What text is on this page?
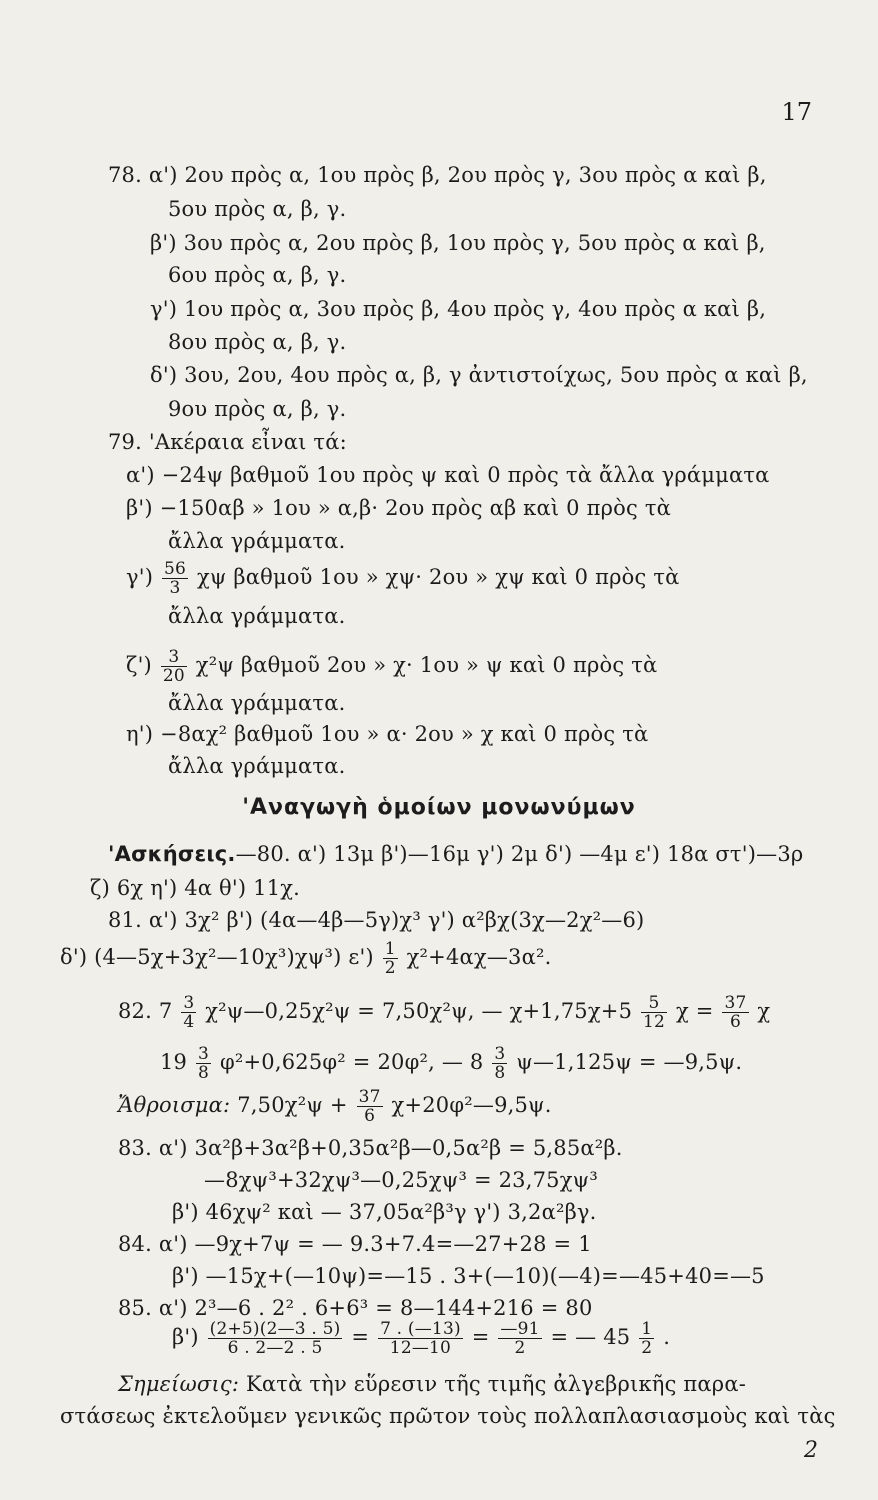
17
78. α') 2ου πρὸς α, 1ου πρὸς β, 2ου πρὸς γ, 3ου πρὸς α καὶ β,
5ου πρὸς α, β, γ.
β') 3ου πρὸς α, 2ου πρὸς β, 1ου πρὸς γ, 5ου πρὸς α καὶ β,
6ου πρὸς α, β, γ.
γ') 1ου πρὸς α, 3ου πρὸς β, 4ου πρὸς γ, 4ου πρὸς α καὶ β,
8ου πρὸς α, β, γ.
δ') 3ου, 2ου, 4ου πρὸς α, β, γ ἀντιστοίχως, 5ου πρὸς α καὶ β,
9ου πρὸς α, β, γ.
79. 'Ακέραια εἶναι τά:
α') −24ψ βαθμοῦ 1ου πρὸς ψ καὶ 0 πρὸς τὰ ἄλλα γράμματα
β') −150αβ » 1ου » α,β· 2ου πρὸς αβ καὶ 0 πρὸς τὰ
ἄλλα γράμματα.
$\gamma') \frac{56}{3}$ χψ βαθμοῦ 1ου » χψ· 2ου » χψ καὶ 0 πρὸς τὰ
ἄλλα γράμματα.
$\zeta') \frac{3}{20} \chi^2\psi$ βαθμοῦ 2ου » χ· 1ου » ψ καὶ 0 πρὸς τὰ
ἄλλα γράμματα.
η') −8αχ² βαθμοῦ 1ου » α· 2ου » χ καὶ 0 πρὸς τὰ
ἄλλα γράμματα.
'Αναγωγὴ ὁμοίων μονωνύμων
'Ασκήσεις.—80. α') 13μ β')—16μ γ') 2μ δ') —4μ ε') 18α στ')—3ρ
ζ) 6χ η') 4α θ') 11χ.
81. α') 3χ² β') (4α—4β—5γ)χ³ γ') α²βχ(3χ—2χ²—6)
δ') (4—5χ+3χ²—10χ³)χψ³) $\varepsilon') \frac{1}{2}$ χ²+4αχ—3α².
82. $7 \frac{3}{4}$ χ²ψ—0,25χ²ψ = 7,50χ²ψ, — $\chi+1,75\chi+5 \frac{5}{12}$ $\chi = \frac{37}{6}$ χ
$19 \frac{3}{8} \varphi^2+0,625\varphi^2 = 20\varphi^2$, — $8 \frac{3}{8}$ ψ—1,125ψ = —9,5ψ.
Ἄθροισμα: $7,50\chi^2\psi + \frac{37}{6}$ χ+20φ²—9,5ψ.
83. α') 3α²β+3α²β+0,35α²β—0,5α²β = 5,85α²β.
—8χψ³+32χψ³—0,25χψ³ = 23,75χψ³
β') 46χψ² καὶ — 37,05α²β³γ γ') 3,2α²βγ.
84. α') —9χ+7ψ = — 9.3+7.4=—27+28 = 1
β') —15χ+(—10ψ)=—15 . 3+(—10)(—4)=—45+40=—5
85. α') 2³—6 . 2² . 6+6³ = 8—144+216 = 80
$\beta') \frac{(2+5)(2—3 . 5)}{6 . 2—2 . 5} = \frac{7 . (—13)}{12—10} = \frac{—91}{2}$ = — $45 \frac{1}{2}$ .
Σημείωσις: Κατὰ τὴν εὕρεσιν τῆς τιμῆς ἀλγεβρικῆς παρα-
στάσεως ἐκτελοῦμεν γενικῶς πρῶτον τοὺς πολλαπλασιασμοὺς καὶ τὰς
2
